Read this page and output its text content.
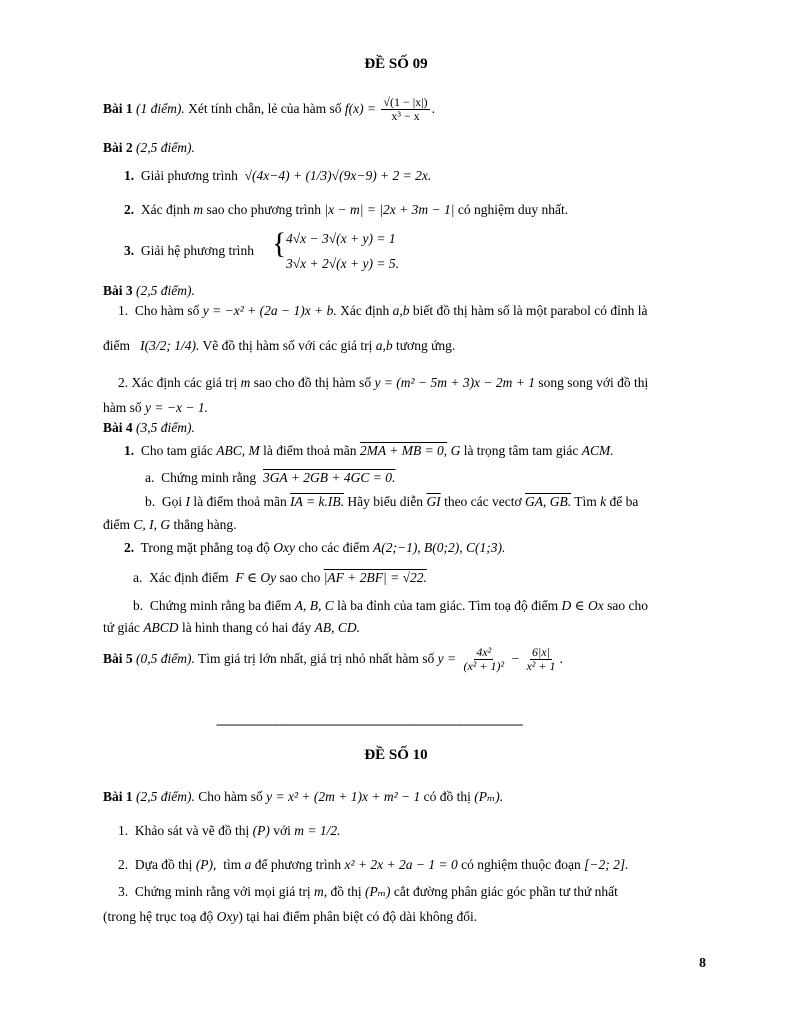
ĐỀ SỐ 09
Bài 1 (1 điểm). Xét tính chẵn, lẻ của hàm số $f(x) = \frac{√(1 - |x|)}{\text{x³ − x}}$ .
Bài 2 (2,5 điểm).
1. Giải phương trình √(4x−4) + (1/3)√(9x−9) + 2 = 2x.
2. Xác định m sao cho phương trình |x − m| = |2x + 3m − 1| có nghiệm duy nhất.
3. Giải hệ phương trình { 4√x − 3√(x + y) = 1
3√x + 2√(x + y) = 5.
Bài 3 (2,5 điểm).
1. Cho hàm số y = −x² + (2a − 1)x + b. Xác định a,b biết đồ thị hàm số là một parabol có đỉnh là
điểm I(3/2; 1/4). Vẽ đồ thị hàm số với các giá trị a,b tương ứng.
2. Xác định các giá trị m sao cho đồ thị hàm số y = (m² − 5m + 3)x − 2m + 1 song song với đồ thị
hàm số y = −x − 1.
Bài 4 (3,5 điểm).
1. Cho tam giác ABC, M là điểm thoả mãn 2MA + MB = 0, G là trọng tâm tam giác ACM.
a. Chứng minh rằng 3GA + 2GB + 4GC = 0.
b. Gọi I là điểm thoả mãn IA = k.IB. Hãy biểu diễn $\overline{GI}$ theo các vectơ GA, GB. Tìm k để ba
điểm C, I, G thẳng hàng.
2. Trong mặt phẳng toạ độ Oxy cho các điểm A(2;−1), B(0;2), C(1;3).
a. Xác định điểm F ∈ Oy sao cho |AF + 2BF| = √22.
b. Chứng minh rằng ba điểm A, B, C là ba đỉnh của tam giác. Tìm toạ độ điểm D ∈ Ox sao cho
tứ giác ABCD là hình thang có hai đáy AB, CD.
Bài 5 (0,5 điểm). Tìm giá trị lớn nhất, giá trị nhỏ nhất hàm số $y = \frac{\text{4x²}}{\text{(x² + 1)²}} - \frac{6|x|}{\text{x² + 1}}$ .
--------------------------------------------------------------------------------------------
ĐỀ SỐ 10
Bài 1 (2,5 điểm). Cho hàm số y = x² + (2m + 1)x + m² − 1 có đồ thị (Pₘ).
1. Khảo sát và vẽ đồ thị (P) với m = 1/2.
2. Dựa đồ thị (P), tìm a để phương trình x² + 2x + 2a − 1 = 0 có nghiệm thuộc đoạn [−2; 2].
3. Chứng minh rằng với mọi giá trị m, đồ thị (Pₘ) cắt đường phân giác góc phần tư thứ nhất
(trong hệ trục toạ độ Oxy) tại hai điểm phân biệt có độ dài không đổi.
8
